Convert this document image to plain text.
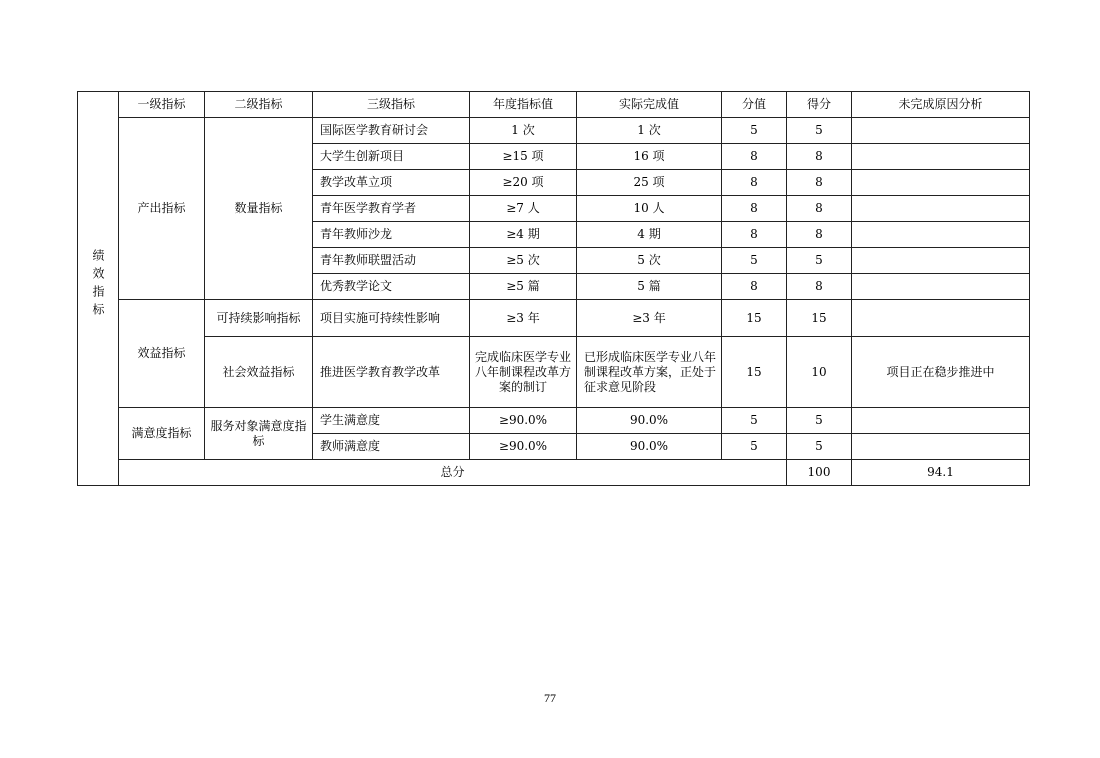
绩效指标	一级指标	二级指标	三级指标	年度指标值	实际完成值	分值	得分	未完成原因分析	
	产出指标	数量指标	国际医学教育研讨会	1 次	1 次	5	5		
			大学生创新项目	≥15 项	16 项	8	8		
			教学改革立项	≥20 项	25 项	8	8		
			青年医学教育学者	≥7 人	10 人	8	8		
			青年教师沙龙	≥4 期	4 期	8	8		
			青年教师联盟活动	≥5 次	5 次	5	5		
			优秀教学论文	≥5 篇	5 篇	8	8		
	效益指标	可持续影响指标	项目实施可持续性影响	≥3 年	≥3 年	15	15		
		社会效益指标	推进医学教育教学改革	完成临床医学专业八年制课程改革方案的制订	已形成临床医学专业八年制课程改革方案，正处于征求意见阶段	15	10	项目正在稳步推进中	
	满意度指标	服务对象满意度指标	学生满意度	≥90.0%	90.0%	5	5		
			教师满意度	≥90.0%	90.0%	5	5		
	总分						100	94.1	
77
